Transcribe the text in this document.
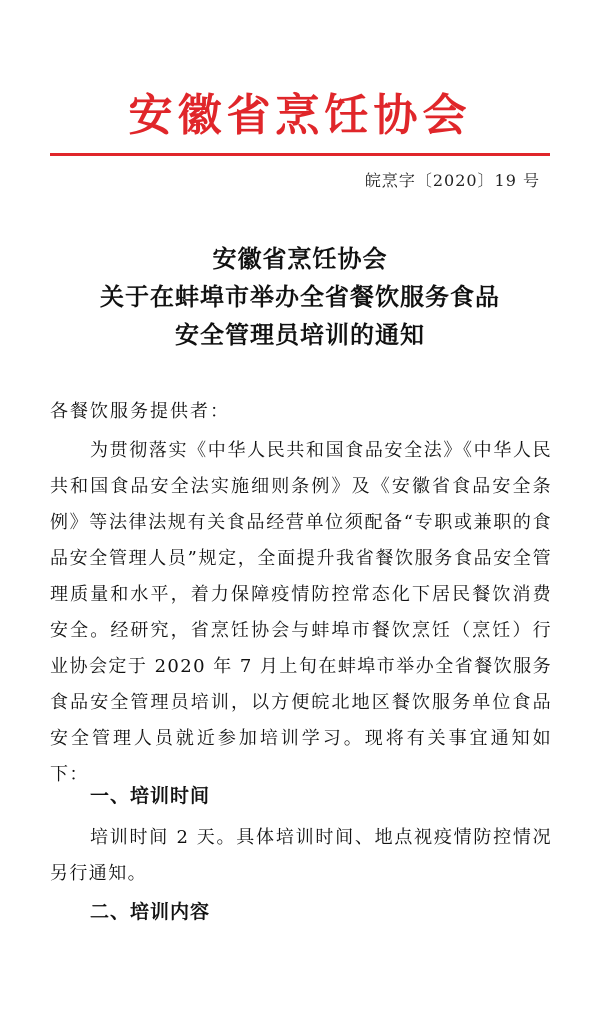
安徽省烹饪协会
皖烹字〔2020〕19 号
安徽省烹饪协会
关于在蚌埠市举办全省餐饮服务食品
安全管理员培训的通知
各餐饮服务提供者：
为贯彻落实《中华人民共和国食品安全法》《中华人民共和国食品安全法实施细则条例》及《安徽省食品安全条例》等法律法规有关食品经营单位须配备“专职或兼职的食品安全管理人员”规定，全面提升我省餐饮服务食品安全管理质量和水平，着力保障疫情防控常态化下居民餐饮消费安全。经研究，省烹饪协会与蚌埠市餐饮烹饪（烹饪）行业协会定于 2020 年 7 月上旬在蚌埠市举办全省餐饮服务食品安全管理员培训，以方便皖北地区餐饮服务单位食品安全管理人员就近参加培训学习。现将有关事宜通知如下：
一、培训时间
培训时间 2 天。具体培训时间、地点视疫情防控情况另行通知。
二、培训内容
